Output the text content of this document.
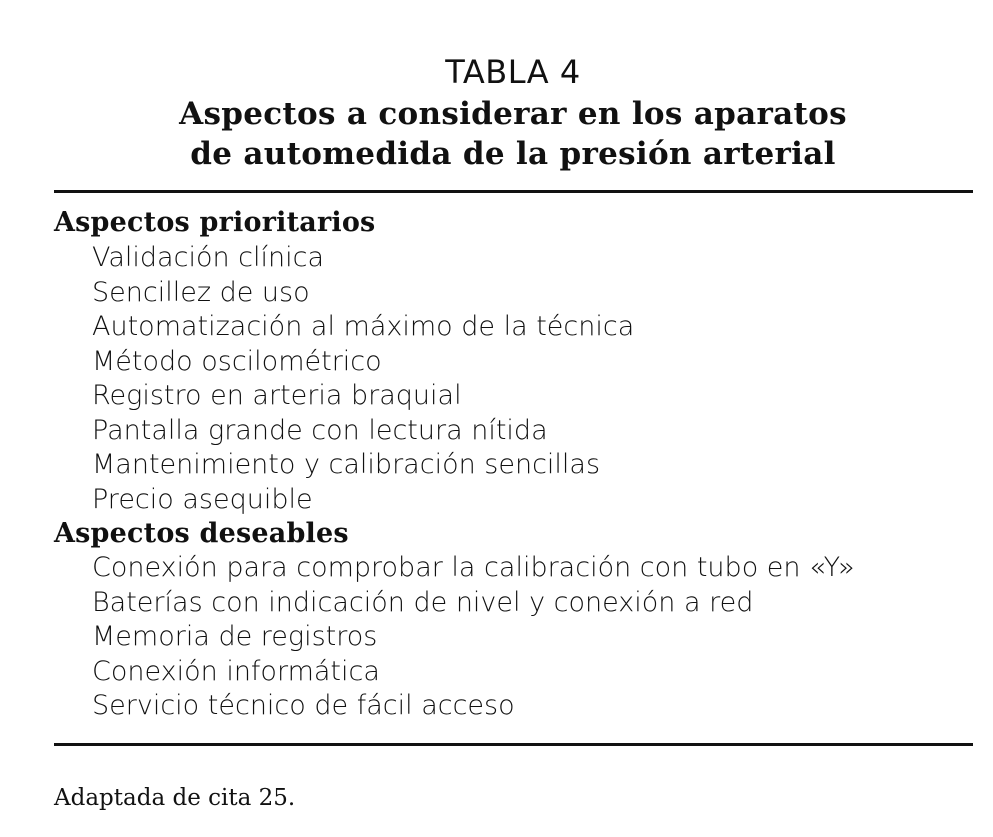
TABLA 4
Aspectos a considerar en los aparatos
de automedida de la presión arterial
Aspectos prioritarios
Validación clínica
Sencillez de uso
Automatización al máximo de la técnica
Método oscilométrico
Registro en arteria braquial
Pantalla grande con lectura nítida
Mantenimiento y calibración sencillas
Precio asequible
Aspectos deseables
Conexión para comprobar la calibración con tubo en «Y»
Baterías con indicación de nivel y conexión a red
Memoria de registros
Conexión informática
Servicio técnico de fácil acceso
Adaptada de cita 25.
